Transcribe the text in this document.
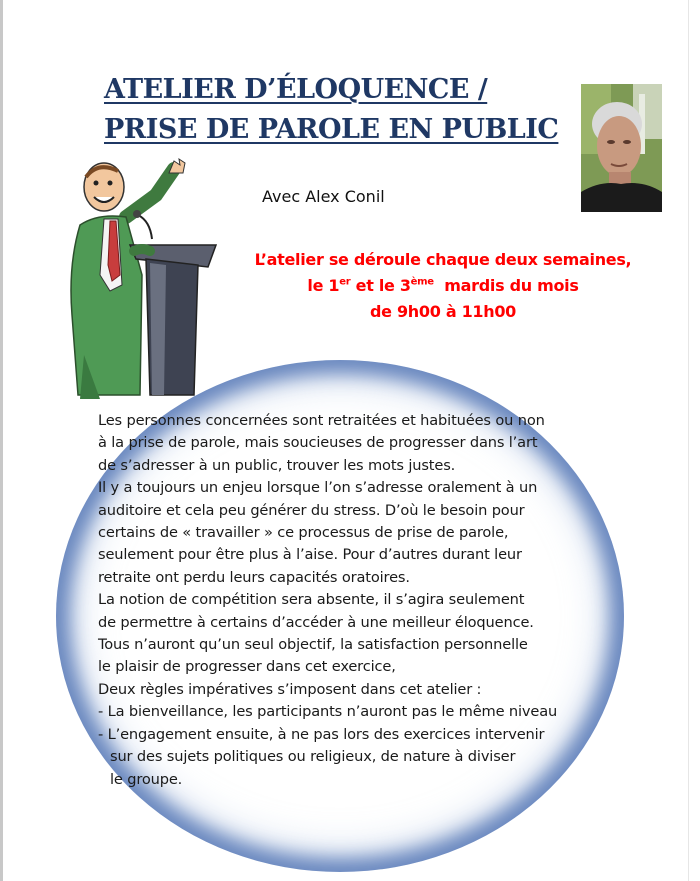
ATELIER D’ÉLOQUENCE /
PRISE DE PAROLE EN PUBLIC

Avec Alex Conil

L’atelier se déroule chaque deux semaines,
le 1er et le 3ème  mardis du mois
de 9h00 à 11h00

Les personnes concernées sont retraitées et habituées ou non
à la prise de parole, mais soucieuses de progresser dans l’art
de s’adresser à un public, trouver les mots justes.
Il y a toujours un enjeu lorsque l’on s’adresse oralement à un
auditoire et cela peu générer du stress. D’où le besoin pour
certains de « travailler » ce processus de prise de parole,
seulement pour être plus à l’aise. Pour d’autres durant leur
retraite ont perdu leurs capacités oratoires.
La notion de compétition sera absente, il s’agira seulement
de permettre à certains d’accéder à une meilleur éloquence.
Tous n’auront qu’un seul objectif, la satisfaction personnelle
le plaisir de progresser dans cet exercice,
Deux règles impératives s’imposent dans cet atelier :
- La bienveillance, les participants n’auront pas le même niveau
- L’engagement ensuite, à ne pas lors des exercices intervenir
sur des sujets politiques ou religieux, de nature à diviser
le groupe.
